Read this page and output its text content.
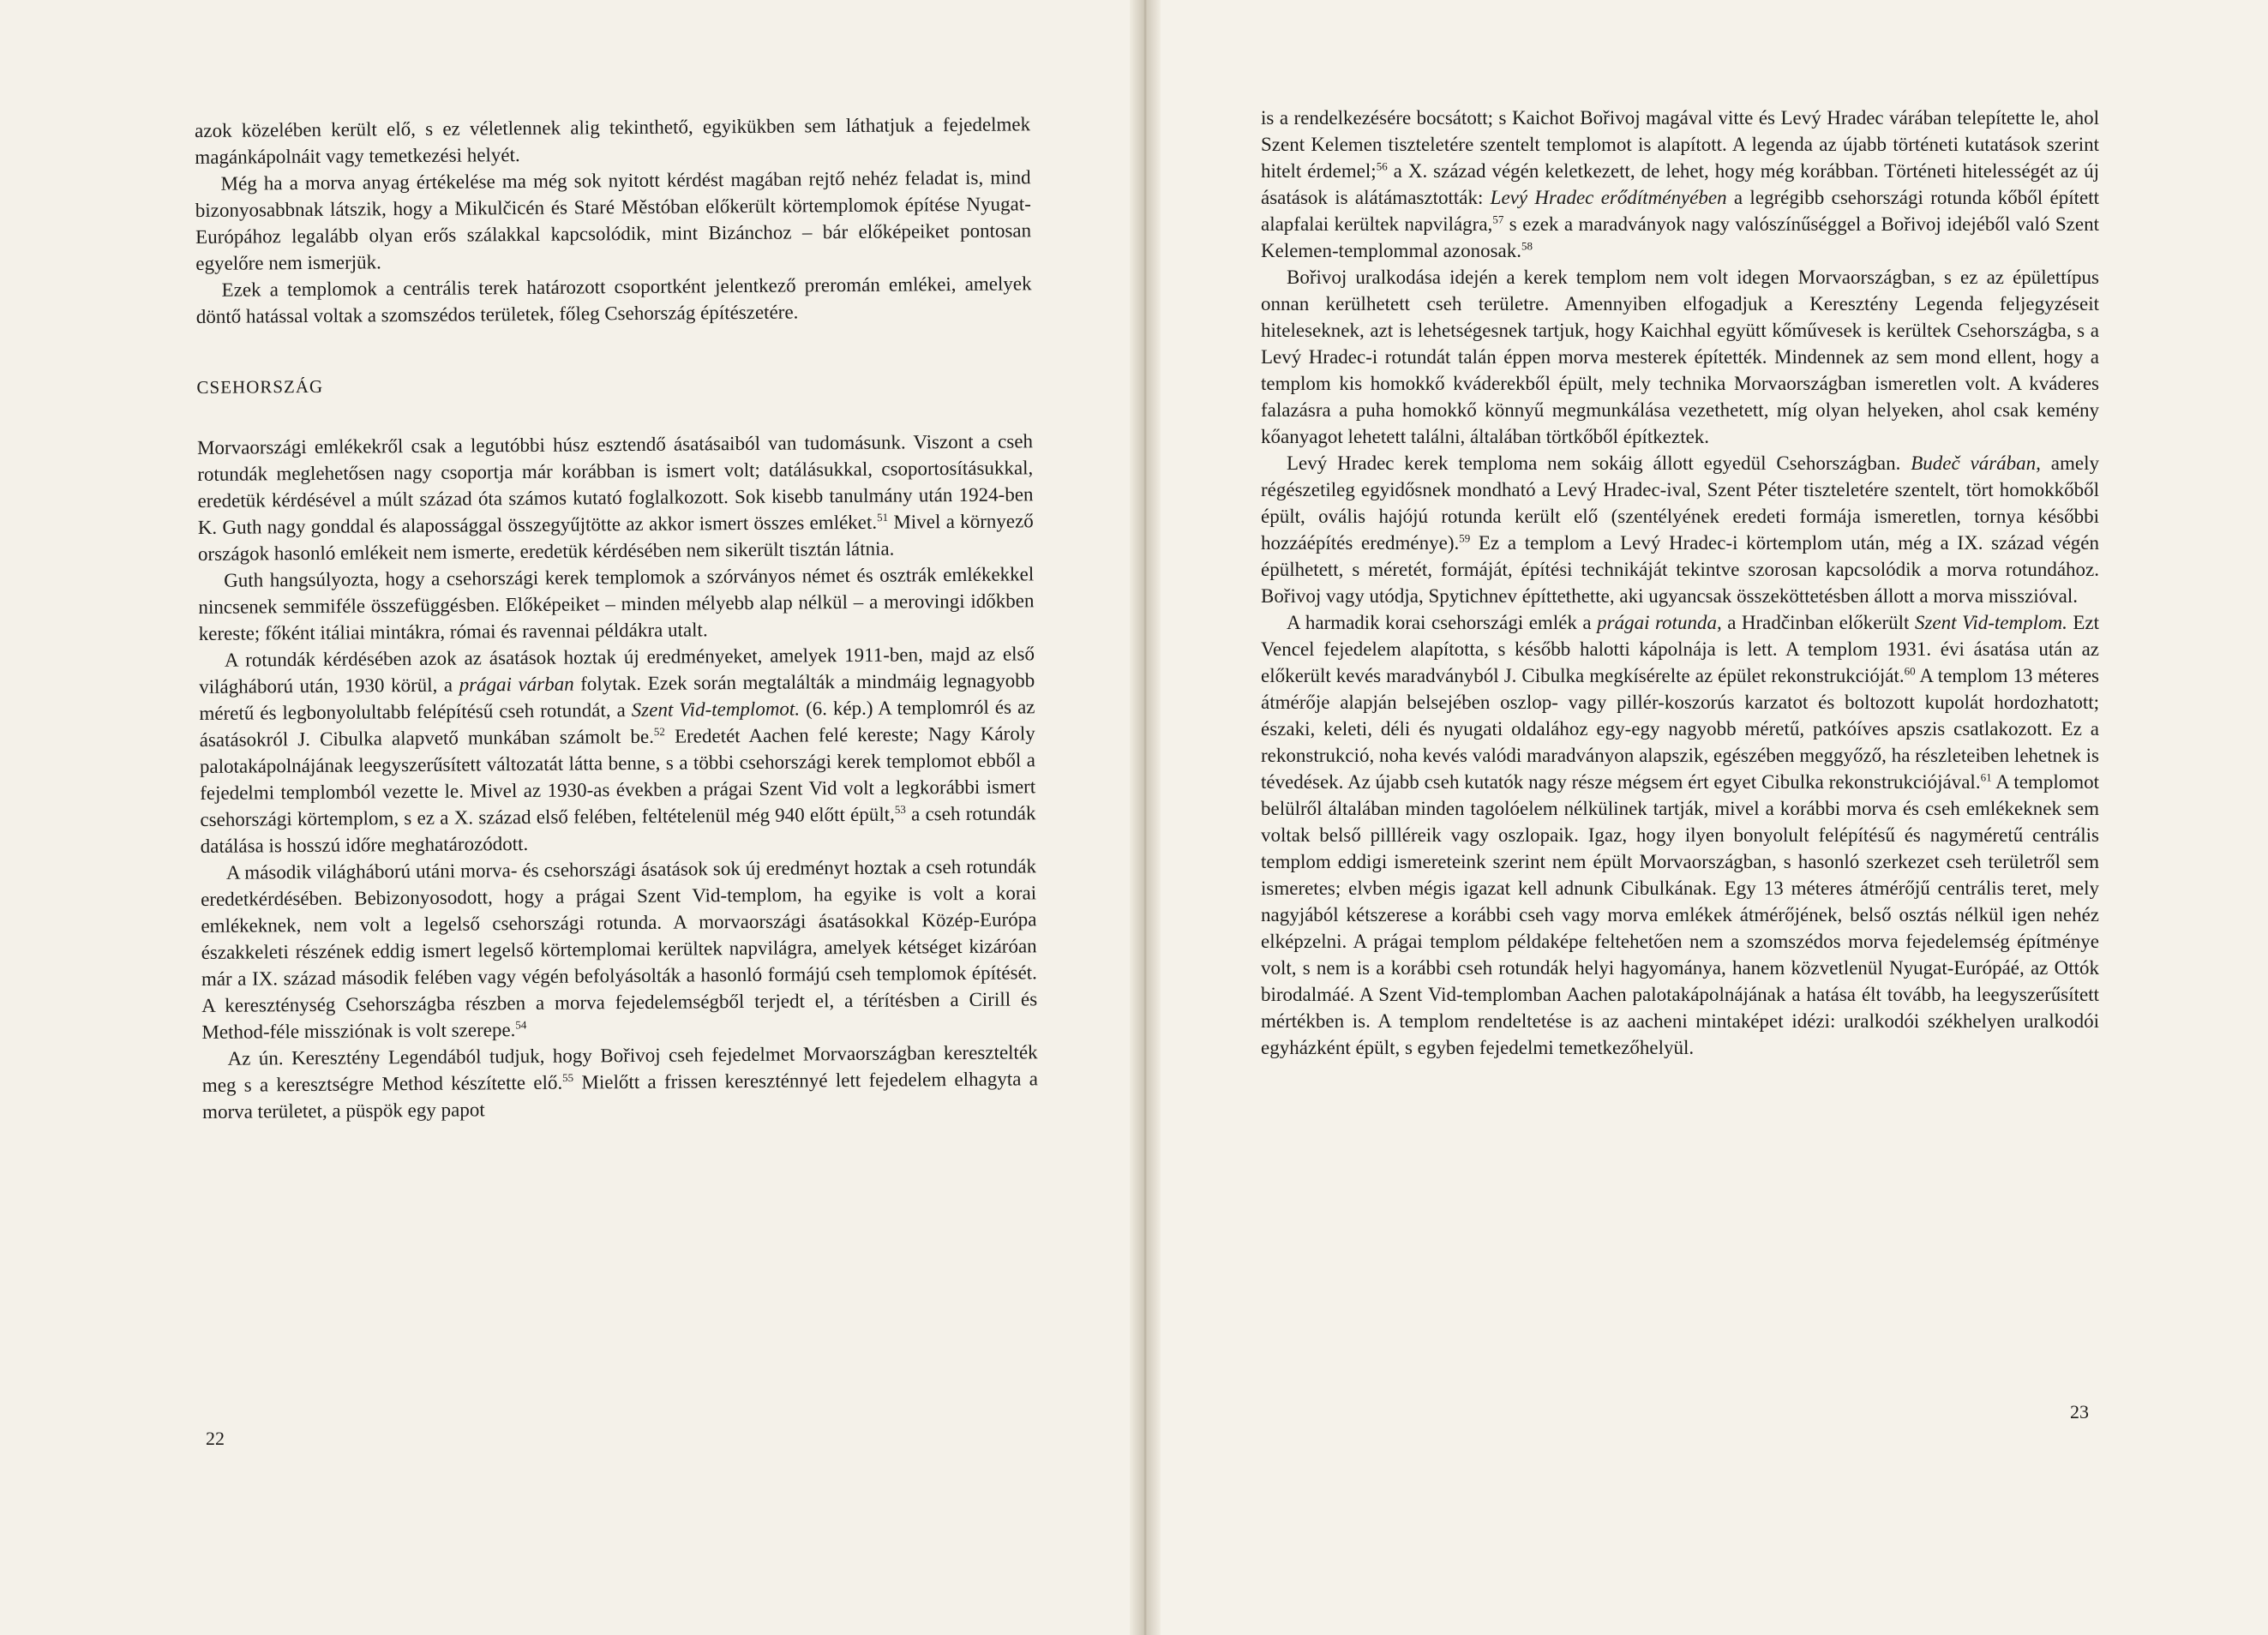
azok közelében került elő, s ez véletlennek alig tekinthető, egyikükben sem láthatjuk a fejedelmek magánkápolnáit vagy temetkezési helyét.

Még ha a morva anyag értékelése ma még sok nyitott kérdést magában rejtő nehéz feladat is, mind bizonyosabbnak látszik, hogy a Mikulčicén és Staré Městóban előkerült körtemplomok építése Nyugat-Európához legalább olyan erős szálakkal kapcsolódik, mint Bizánchoz – bár előképeiket pontosan egyelőre nem ismerjük.

Ezek a templomok a centrális terek határozott csoportként jelentkező preromán emlékei, amelyek döntő hatással voltak a szomszédos területek, főleg Csehország építészetére.

CSEHORSZÁG

Morvaországi emlékekről csak a legutóbbi húsz esztendő ásatásaiból van tudomásunk. Viszont a cseh rotundák meglehetősen nagy csoportja már korábban is ismert volt; datálásukkal, csoportosításukkal, eredetük kérdésével a múlt század óta számos kutató foglalkozott. Sok kisebb tanulmány után 1924-ben K. Guth nagy gonddal és alapossággal összegyűjtötte az akkor ismert összes emléket.$^{51}$ Mivel a környező országok hasonló emlékeit nem ismerte, eredetük kérdésében nem sikerült tisztán látnia.

Guth hangsúlyozta, hogy a csehországi kerek templomok a szórványos német és osztrák emlékekkel nincsenek semmiféle összefüggésben. Előképeiket – minden mélyebb alap nélkül – a merovingi időkben kereste; főként itáliai mintákra, római és ravennai példákra utalt.

A rotundák kérdésében azok az ásatások hoztak új eredményeket, amelyek 1911-ben, majd az első világháború után, 1930 körül, a prágai várban folytak. Ezek során megtalálták a mindmáig legnagyobb méretű és legbonyolultabb felépítésű cseh rotundát, a Szent Vid-templomot. (6. kép.) A templomról és az ásatásokról J. Cibulka alapvető munkában számolt be.$^{52}$ Eredetét Aachen felé kereste; Nagy Károly palotakápolnájának leegyszerűsített változatát látta benne, s a többi csehországi kerek templomot ebből a fejedelmi templomból vezette le. Mivel az 1930-as években a prágai Szent Vid volt a legkorábbi ismert csehországi körtemplom, s ez a X. század első felében, feltételenül még 940 előtt épült,$^{53}$ a cseh rotundák datálása is hosszú időre meghatározódott.

A második világháború utáni morva- és csehországi ásatások sok új eredményt hoztak a cseh rotundák eredetkérdésében. Bebizonyosodott, hogy a prágai Szent Vid-templom, ha egyike is volt a korai emlékeknek, nem volt a legelső csehországi rotunda. A morvaországi ásatásokkal Közép-Európa északkeleti részének eddig ismert legelső körtemplomai kerültek napvilágra, amelyek kétséget kizáróan már a IX. század második felében vagy végén befolyásolták a hasonló formájú cseh templomok építését. A kereszténység Csehországba részben a morva fejedelemségből terjedt el, a térítésben a Cirill és Method-féle missziónak is volt szerepe.$^{54}$

Az ún. Keresztény Legendából tudjuk, hogy Bořivoj cseh fejedelmet Morvaországban keresztelték meg s a keresztségre Method készítette elő.$^{55}$ Mielőtt a frissen kereszténnyé lett fejedelem elhagyta a morva területet, a püspök egy papot

22

is a rendelkezésére bocsátott; s Kaichot Bořivoj magával vitte és Levý Hradec várában telepítette le, ahol Szent Kelemen tiszteletére szentelt templomot is alapított. A legenda az újabb történeti kutatások szerint hitelt érdemel;$^{56}$ a X. század végén keletkezett, de lehet, hogy még korábban. Történeti hitelességét az új ásatások is alátámasztották: Levý Hradec erődítményében a legrégibb csehországi rotunda kőből épített alapfalai kerültek napvilágra,$^{57}$ s ezek a maradványok nagy valószínűséggel a Bořivoj idejéből való Szent Kelemen-templommal azonosak.$^{58}$

Bořivoj uralkodása idején a kerek templom nem volt idegen Morvaországban, s ez az épülettípus onnan kerülhetett cseh területre. Amennyiben elfogadjuk a Keresztény Legenda feljegyzéseit hiteleseknek, azt is lehetségesnek tartjuk, hogy Kaichhal együtt kőművesek is kerültek Csehországba, s a Levý Hradec-i rotundát talán éppen morva mesterek építették. Mindennek az sem mond ellent, hogy a templom kis homokkő kváderekből épült, mely technika Morvaországban ismeretlen volt. A kváderes falazásra a puha homokkő könnyű megmunkálása vezethetett, míg olyan helyeken, ahol csak kemény kőanyagot lehetett találni, általában törtkőből építkeztek.

Levý Hradec kerek temploma nem sokáig állott egyedül Csehországban. Budeč várában, amely régészetileg egyidősnek mondható a Levý Hradec-ival, Szent Péter tiszteletére szentelt, tört homokkőből épült, ovális hajójú rotunda került elő (szentélyének eredeti formája ismeretlen, tornya későbbi hozzáépítés eredménye).$^{59}$ Ez a templom a Levý Hradec-i körtemplom után, még a IX. század végén épülhetett, s méretét, formáját, építési technikáját tekintve szorosan kapcsolódik a morva rotundához. Bořivoj vagy utódja, Spytichnev építtethette, aki ugyancsak összeköttetésben állott a morva misszióval.

A harmadik korai csehországi emlék a prágai rotunda, a Hradčinban előkerült Szent Vid-templom. Ezt Vencel fejedelem alapította, s később halotti kápolnája is lett. A templom 1931. évi ásatása után az előkerült kevés maradványból J. Cibulka megkísérelte az épület rekonstrukcióját.$^{60}$ A templom 13 méteres átmérője alapján belsejében oszlop- vagy pillér-koszorús karzatot és boltozott kupolát hordozhatott; északi, keleti, déli és nyugati oldalához egy-egy nagyobb méretű, patkóíves apszis csatlakozott. Ez a rekonstrukció, noha kevés valódi maradványon alapszik, egészében meggyőző, ha részleteiben lehetnek is tévedések. Az újabb cseh kutatók nagy része mégsem ért egyet Cibulka rekonstrukciójával.$^{61}$ A templomot belülről általában minden tagolóelem nélkülinek tartják, mivel a korábbi morva és cseh emlékeknek sem voltak belső pillléreik vagy oszlopaik. Igaz, hogy ilyen bonyolult felépítésű és nagyméretű centrális templom eddigi ismereteink szerint nem épült Morvaországban, s hasonló szerkezet cseh területről sem ismeretes; elvben mégis igazat kell adnunk Cibulkának. Egy 13 méteres átmérőjű centrális teret, mely nagyjából kétszerese a korábbi cseh vagy morva emlékek átmérőjének, belső osztás nélkül igen nehéz elképzelni. A prágai templom példaképe feltehetően nem a szomszédos morva fejedelemség építménye volt, s nem is a korábbi cseh rotundák helyi hagyománya, hanem közvetlenül Nyugat-Európáé, az Ottók birodalmáé. A Szent Vid-templomban Aachen palotakápolnájának a hatása élt tovább, ha leegyszerűsített mértékben is. A templom rendeltetése is az aacheni mintaképet idézi: uralkodói székhelyen uralkodói egyházként épült, s egyben fejedelmi temetkezőhelyül.

23
